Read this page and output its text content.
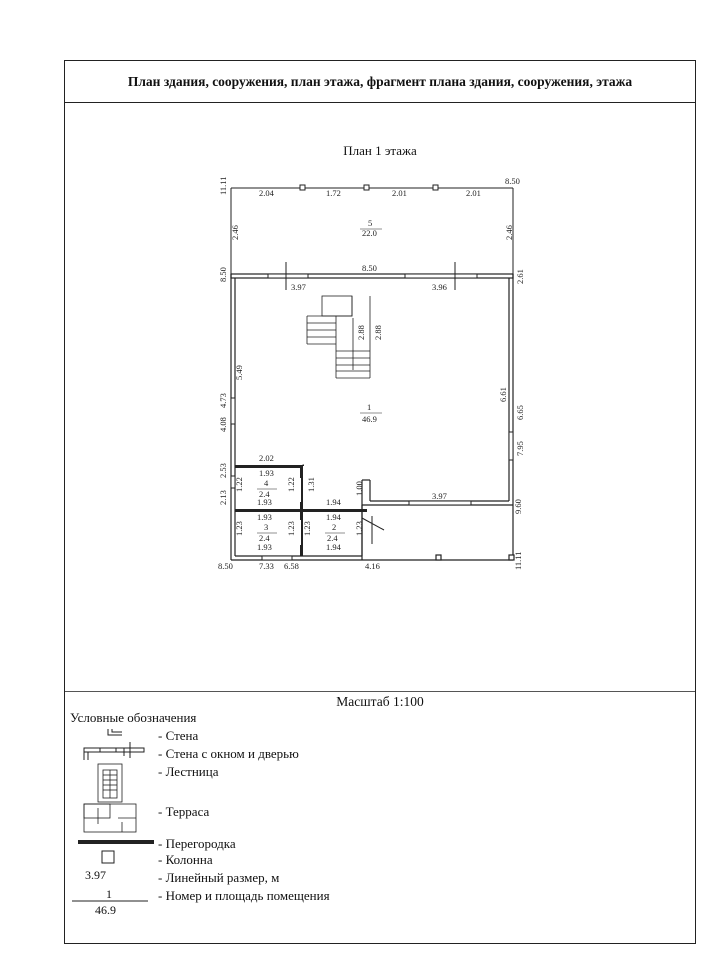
План здания, сооружения, план этажа, фрагмент плана здания, сооружения, этажа
План 1 этажа
Масштаб 1:100
11.11	8.50
2.04	1.72	2.01	2.01
2.46	2.46
5
22.0
8.50	8.50
2.61
3.97	3.96
2.88 2.88
5.49
4.73
4.08
1
46.9
6.61
6.65
7.95
2.02
1.93
2.53
1.22 4
2.4
1.22 1.31
2.13	1.93	1.94
1.00	3.97
9.60
1.93	1.94
1.23 3
2.4
1.23 1.23 2
2.4
1.23
1.93	1.94
8.50	7.33 6.58	4.16	11.11
Условные обозначения
3.97
1
46.9
- Стена
- Стена с окном и дверью
- Лестница
- Терраса
- Перегородка
- Колонна
- Линейный размер, м
- Номер и площадь помещения
